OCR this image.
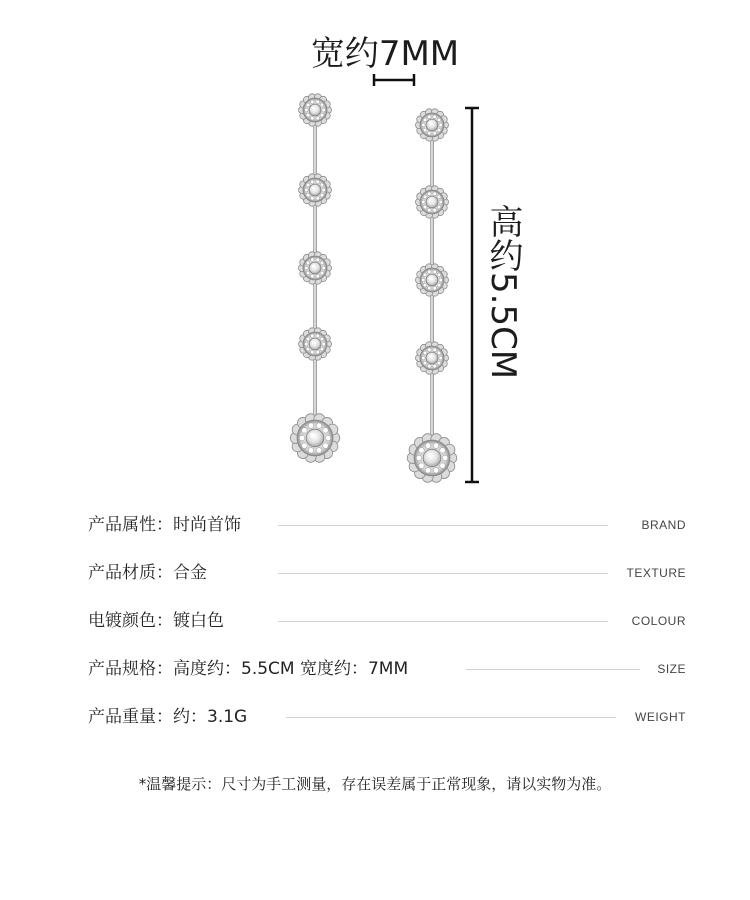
宽约7MM
高约5.5CM
产品属性：时尚首饰	BRAND
产品材质：合金	TEXTURE
电镀颜色：镀白色	COLOUR
产品规格：高度约：5.5CM 宽度约：7MM	SIZE
产品重量：约：3.1G	WEIGHT
*温馨提示：尺寸为手工测量，存在误差属于正常现象，请以实物为准。
